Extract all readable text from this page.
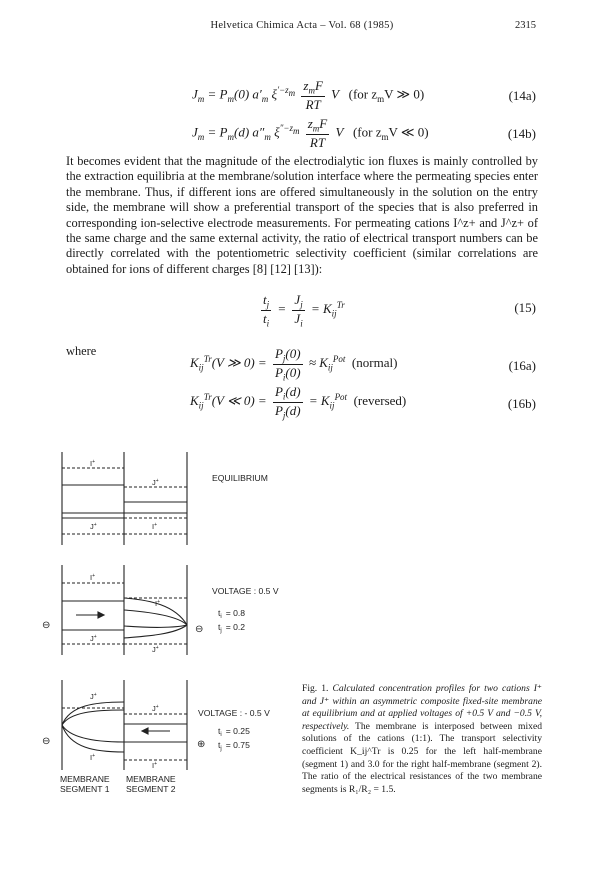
Helvetica Chimica Acta – Vol. 68 (1985)	2315
$J_m = P_m(0)$ $a'_m$ $\xi^{'-z_m} \frac{z_mF}{RT}$ V   (for $z_mV$ ≫ 0)	(14a)
$J_m = P_m(d)$ $a''_m$ $\xi^{''-z_m} \frac{z_mF}{RT}$ V   (for $z_mV$ ≪ 0)	(14b)
It becomes evident that the magnitude of the electrodialytic ion fluxes is mainly controlled by the extraction equilibria at the membrane/solution interface where the permeating species enter the membrane. Thus, if different ions are offered simultaneously in the solution on the entry side, the membrane will show a preferential transport of the species that is also preferred in corresponding ion-selective electrode measurements. For permeating cations I^z+ and J^z+ of the same charge and the same external activity, the ratio of electrical transport numbers can be directly correlated with the potentiometric selectivity coefficient (similar correlations are obtained for ions of different charges [8] [12] [13]):
$\frac{t_j}{t_i} = \frac{J_j}{J_i} = K_{ij}^{Tr}$	(15)
where
$K_{ij}^{Tr}(V$ ≫ $0) = \frac{P_j(0)}{P_i(0)} \approx K_{ij}^{Pot}$ (normal)	(16a)
$K_{ij}^{Tr}(V$ ≪ $0) = \frac{P_i(d)}{P_j(d)} = K_{ij}^{Pot}$ (reversed)	(16b)
I+
J+
J+	I+
I+
I+
J+
J+
J+
J+
I+
I+
⊖	⊖
⊖	⊕
EQUILIBRIUM
VOLTAGE : 0.5 V
$t_i = 0.8$
$t_j = 0.2$
VOLTAGE : - 0.5 V
$t_i = 0.25$
$t_j = 0.75$
MEMBRANE
SEGMENT 1
MEMBRANE
SEGMENT 2
Fig. 1. Calculated concentration profiles for two cations I⁺ and J⁺ within an asymmetric composite fixed-site membrane at equilibrium and at applied voltages of +0.5 V and −0.5 V, respectively. The membrane is interposed between mixed solutions of the cations (1:1). The transport selectivity coefficient K_ij^Tr is 0.25 for the left half-membrane (segment 1) and 3.0 for the right half-membrane (segment 2). The ratio of the electrical resistances of the two membrane segments is R₁/R₂ = 1.5.
